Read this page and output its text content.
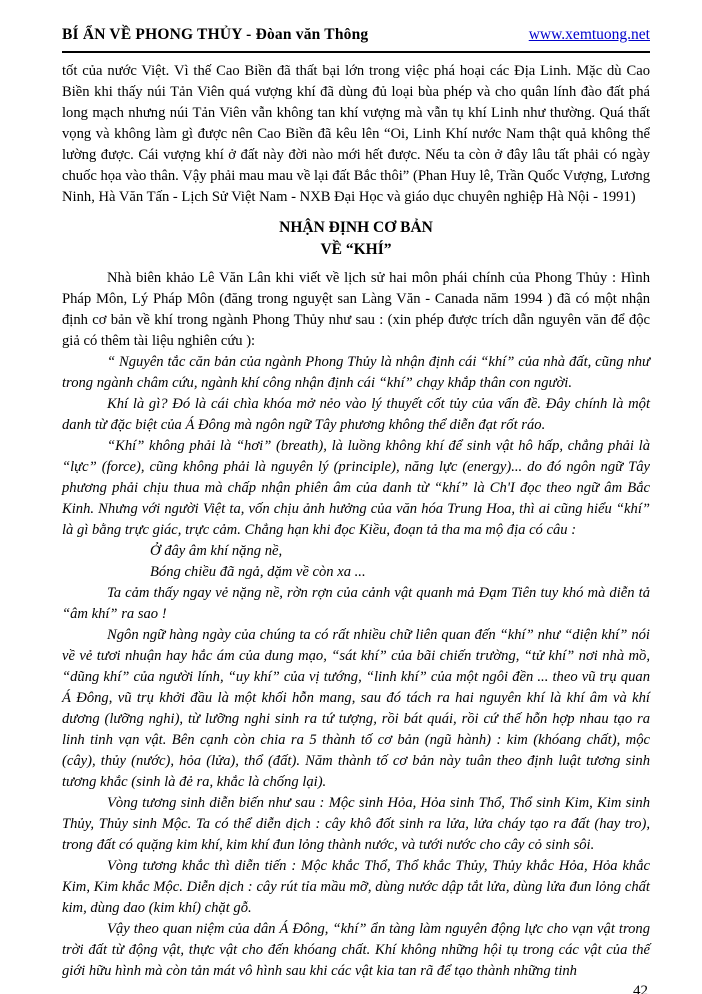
BÍ ẨN VỀ PHONG THỦY - Đòan văn Thông	www.xemtuong.net

tốt của nước Việt. Vì thế Cao Biền đã thất bại lớn trong việc phá hoại các Địa Linh. Mặc dù Cao Biền khi thấy núi Tản Viên quá vượng khí đã dùng đủ loại bùa phép và cho quân lính đào đất phá long mạch nhưng núi Tản Viên vẫn không tan khí vượng mà vẫn tụ khí Linh như thường. Quá thất vọng và không làm gì được nên Cao Biền đã kêu lên “Oi, Linh Khí nước Nam thật quả không thể lường được. Cái vượng khí ở đất này đời nào mới hết được. Nếu ta còn ở đây lâu tất phải có ngày chuốc họa vào thân. Vậy phải mau mau về lại đất Bắc thôi” (Phan Huy lê, Trần Quốc Vượng, Lương Ninh, Hà Văn Tấn - Lịch Sử Việt Nam - NXB Đại Học và giáo dục chuyên nghiệp Hà Nội - 1991)

NHẬN ĐỊNH CƠ BẢN
VỀ “KHÍ”

Nhà biên khảo Lê Văn Lân khi viết về lịch sử hai môn phái chính của Phong Thủy : Hình Pháp Môn, Lý Pháp Môn (đăng trong nguyệt san Làng Văn - Canada năm 1994 ) đã có một nhận định cơ bản về khí trong ngành Phong Thủy như sau : (xin phép được trích dẫn nguyên văn để độc giả có thêm tài liệu nghiên cứu ):

“ Nguyên tắc căn bản của ngành Phong Thủy là nhận định cái “khí” của nhà đất, cũng như trong ngành châm cứu, ngành khí công nhận định cái “khí” chạy khắp thân con người.

Khí là gì? Đó là cái chìa khóa mở nẻo vào lý thuyết cốt tủy của vấn đề. Đây chính là một danh từ đặc biệt của Á Đông mà ngôn ngữ Tây phương không thể diễn đạt rốt ráo.

“Khí” không phải là “hơi” (breath), là luồng không khí để sinh vật hô hấp, chẳng phải là “lực” (force), cũng không phải là nguyên lý (principle), năng lực (energy)... do đó ngôn ngữ Tây phương phải chịu thua mà chấp nhận phiên âm của danh từ “khí” là Ch'I đọc theo ngữ âm Bắc Kinh. Nhưng với người Việt ta, vốn chịu ảnh hưởng của văn hóa Trung Hoa, thì ai cũng hiểu “khí” là gì bằng trực giác, trực cảm. Chẳng hạn khi đọc Kiều, đoạn tả tha ma mộ địa có câu :

Ở đây âm khí nặng nề,

Bóng chiều đã ngả, dặm về còn xa ...

Ta cảm thấy ngay vẻ nặng nề, rờn rợn của cảnh vật quanh mả Đạm Tiên tuy khó mà diễn tả “âm khí” ra sao !

Ngôn ngữ hàng ngày của chúng ta có rất nhiều chữ liên quan đến “khí” như “diện khí” nói về vẻ tươi nhuận hay hắc ám của dung mạo, “sát khí” của bãi chiến trường, “tử khí” nơi nhà mồ, “dũng khí” của người lính, “uy khí” của vị tướng, “linh khí” của một ngôi đền ... theo vũ trụ quan Á Đông, vũ trụ khởi đầu là một khối hỗn mang, sau đó tách ra hai nguyên khí là khí âm và khí dương (lưỡng nghi), từ lưỡng nghi sinh ra tứ tượng, rồi bát quái, rồi cứ thế hỗn hợp nhau tạo ra linh tinh vạn vật. Bên cạnh còn chia ra 5 thành tố cơ bản (ngũ hành) : kim (khóang chất), mộc (cây), thủy (nước), hỏa (lửa), thổ (đất). Năm thành tố cơ bản này tuân theo định luật tương sinh tương khắc (sinh là đẻ ra, khắc là chống lại).

Vòng tương sinh diễn biến như sau : Mộc sinh Hỏa, Hỏa sinh Thổ, Thổ sinh Kim, Kim sinh Thủy, Thủy sinh Mộc. Ta có thể diễn dịch : cây khô đốt sinh ra lửa, lửa cháy tạo ra đất (hay tro), trong đất có quặng kim khí, kim khí đun lỏng thành nước, và tưới nước cho cây cỏ sinh sôi.

Vòng tương khắc thì diễn tiến : Mộc khắc Thổ, Thổ khắc Thủy, Thủy khắc Hỏa, Hỏa khắc Kim, Kim khắc Mộc. Diễn dịch : cây rút tỉa mầu mỡ, dùng nước dập tắt lửa, dùng lửa đun lỏng chất kim, dùng dao (kim khí) chặt gỗ.

Vậy theo quan niệm của dân Á Đông, “khí” ẩn tàng làm nguyên động lực cho vạn vật trong trời đất từ động vật, thực vật cho đến khóang chất. Khí không những hội tụ trong các vật của thế giới hữu hình mà còn tản mát vô hình sau khi các vật kia tan rã để tạo thành những tinh

42
